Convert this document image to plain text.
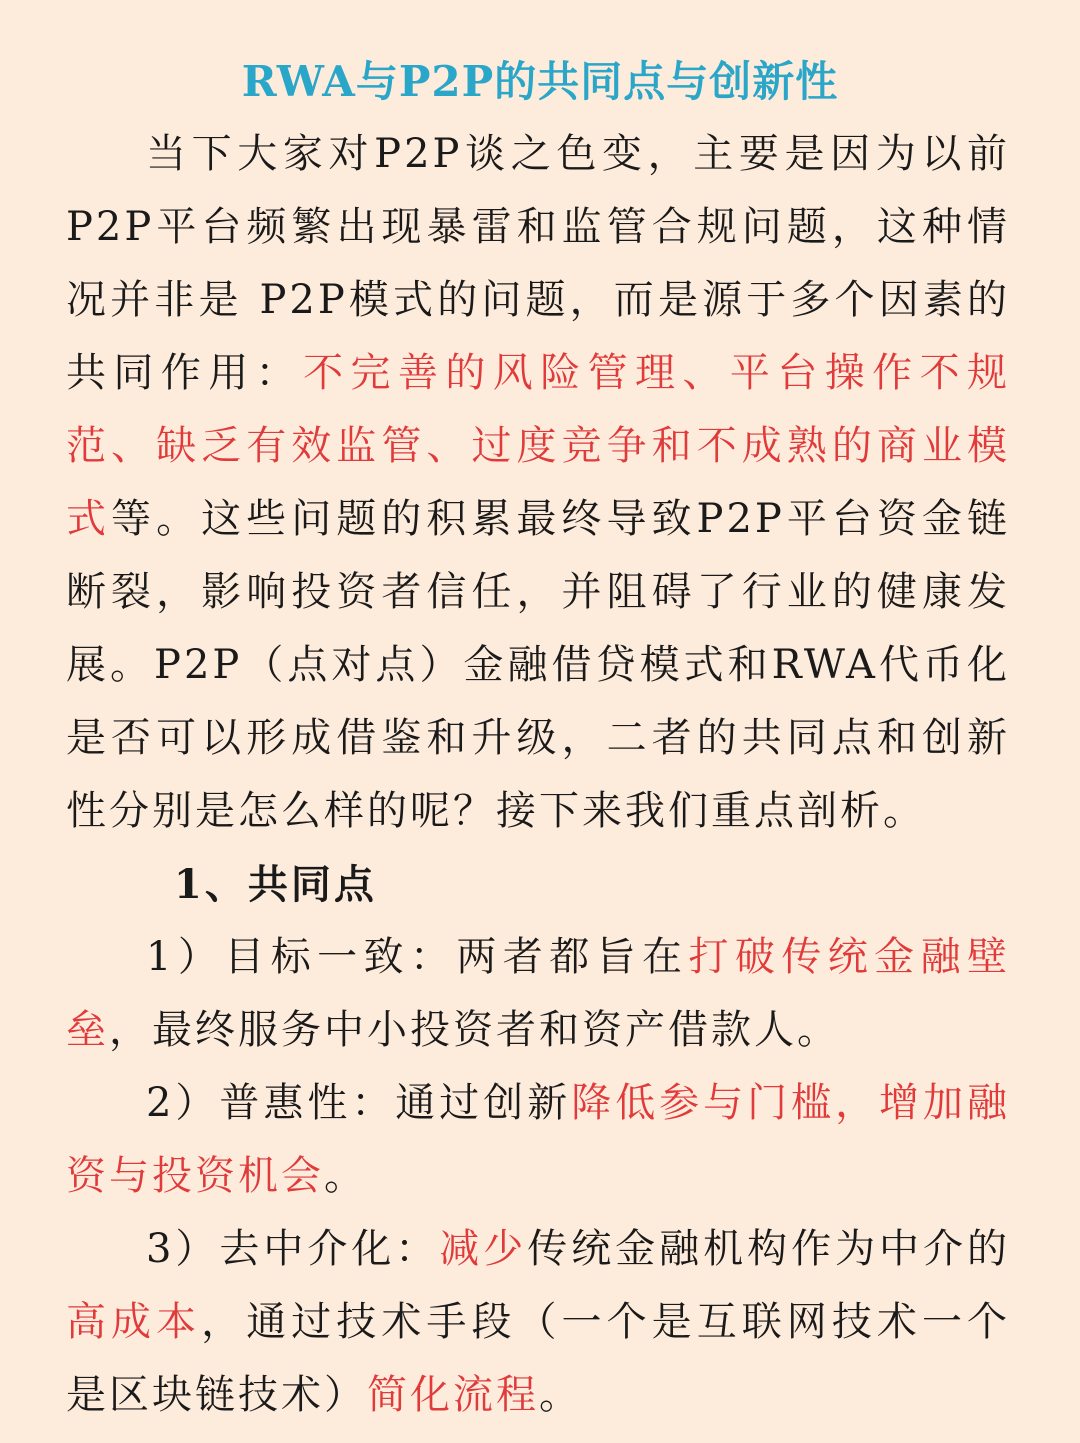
RWA与P2P的共同点与创新性

当下大家对P2P谈之色变，主要是因为以前P2P平台频繁出现暴雷和监管合规问题，这种情况并非是 P2P模式的问题，而是源于多个因素的共同作用：不完善的风险管理、平台操作不规范、缺乏有效监管、过度竞争和不成熟的商业模式等。这些问题的积累最终导致P2P平台资金链断裂，影响投资者信任，并阻碍了行业的健康发展。P2P（点对点）金融借贷模式和RWA代币化是否可以形成借鉴和升级，二者的共同点和创新性分别是怎么样的呢？接下来我们重点剖析。

1、共同点

1）目标一致：两者都旨在打破传统金融壁垒，最终服务中小投资者和资产借款人。

2）普惠性：通过创新降低参与门槛，增加融资与投资机会。

3）去中介化：减少传统金融机构作为中介的高成本，通过技术手段（一个是互联网技术一个是区块链技术）简化流程。
